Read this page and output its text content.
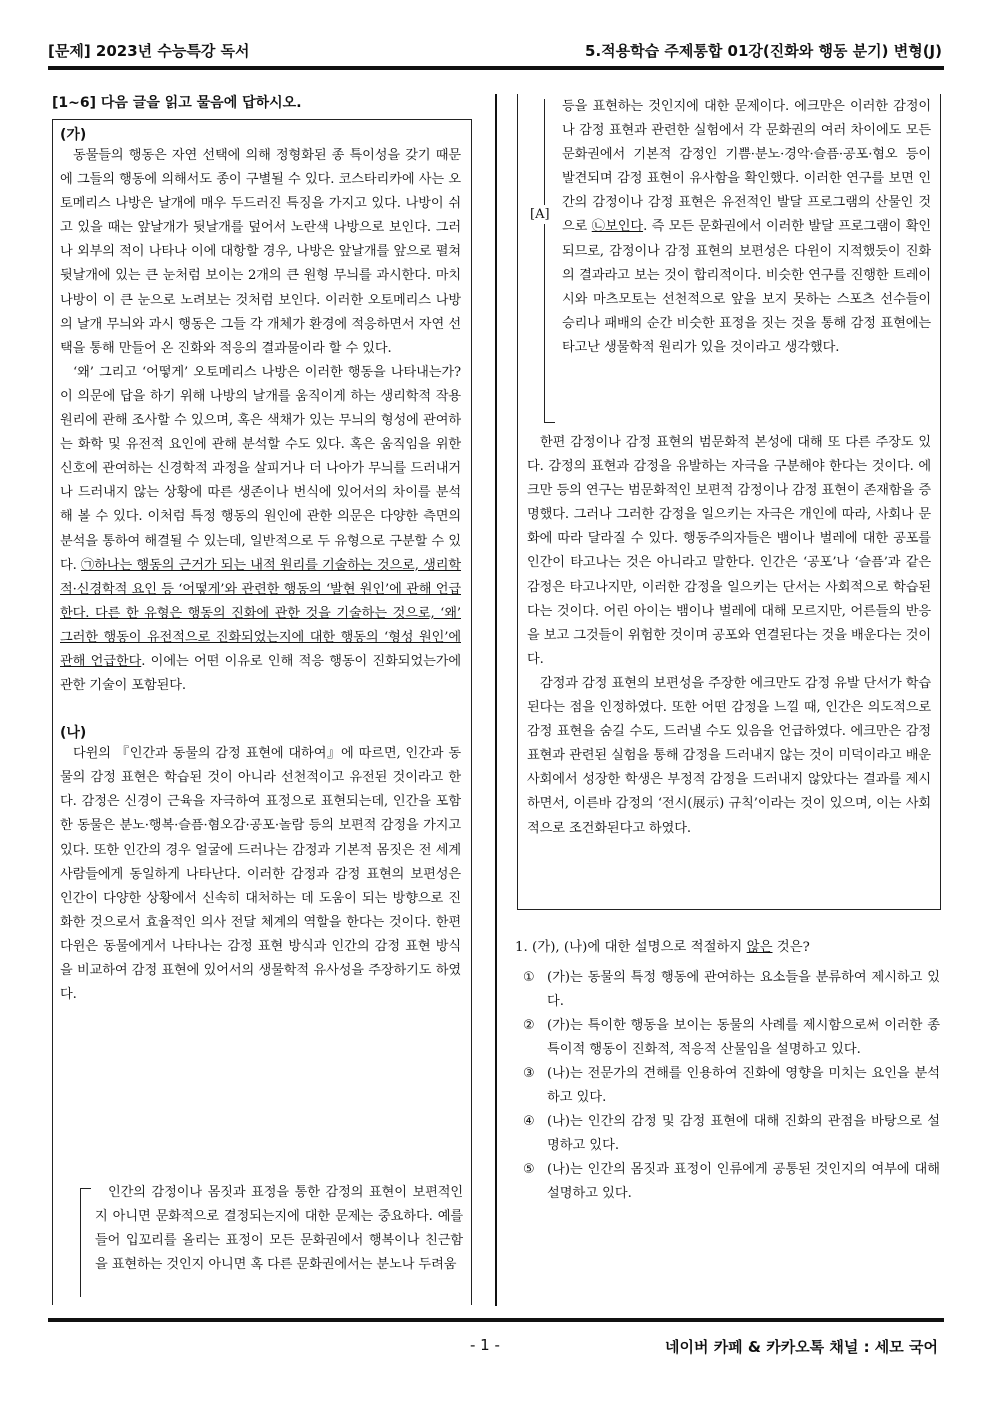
[문제] 2023년 수능특강 독서	5.적용학습 주제통합 01강(진화와 행동 분기) 변형(J)
[1~6] 다음 글을 읽고 물음에 답하시오.
(가)

동물들의 행동은 자연 선택에 의해 정형화된 종 특이성을 갖기 때문에 그들의 행동에 의해서도 종이 구별될 수 있다. 코스타리카에 사는 오토메리스 나방은 날개에 매우 두드러진 특징을 가지고 있다. 나방이 쉬고 있을 때는 앞날개가 뒷날개를 덮어서 노란색 나방으로 보인다. 그러나 외부의 적이 나타나 이에 대항할 경우, 나방은 앞날개를 앞으로 펼쳐 뒷날개에 있는 큰 눈처럼 보이는 2개의 큰 원형 무늬를 과시한다. 마치 나방이 이 큰 눈으로 노려보는 것처럼 보인다. 이러한 오토메리스 나방의 날개 무늬와 과시 행동은 그들 각 개체가 환경에 적응하면서 자연 선택을 통해 만들어 온 진화와 적응의 결과물이라 할 수 있다.

‘왜’ 그리고 ‘어떻게’ 오토메리스 나방은 이러한 행동을 나타내는가? 이 의문에 답을 하기 위해 나방의 날개를 움직이게 하는 생리학적 작용 원리에 관해 조사할 수 있으며, 혹은 색채가 있는 무늬의 형성에 관여하는 화학 및 유전적 요인에 관해 분석할 수도 있다. 혹은 움직임을 위한 신호에 관여하는 신경학적 과정을 살피거나 더 나아가 무늬를 드러내거나 드러내지 않는 상황에 따른 생존이나 번식에 있어서의 차이를 분석해 볼 수 있다. 이처럼 특정 행동의 원인에 관한 의문은 다양한 측면의 분석을 통하여 해결될 수 있는데, 일반적으로 두 유형으로 구분할 수 있다. ㉠하나는 행동의 근거가 되는 내적 원리를 기술하는 것으로, 생리학적·신경학적 요인 등 ‘어떻게’와 관련한 행동의 ‘발현 원인’에 관해 언급한다. 다른 한 유형은 행동의 진화에 관한 것을 기술하는 것으로, ‘왜’ 그러한 행동이 유전적으로 진화되었는지에 대한 행동의 ‘형성 원인’에 관해 언급한다. 이에는 어떤 이유로 인해 적응 행동이 진화되었는가에 관한 기술이 포함된다.

(나)

다윈의 『인간과 동물의 감정 표현에 대하여』에 따르면, 인간과 동물의 감정 표현은 학습된 것이 아니라 선천적이고 유전된 것이라고 한다. 감정은 신경이 근육을 자극하여 표정으로 표현되는데, 인간을 포함한 동물은 분노·행복·슬픔·혐오감·공포·놀람 등의 보편적 감정을 가지고 있다. 또한 인간의 경우 얼굴에 드러나는 감정과 기본적 몸짓은 전 세계 사람들에게 동일하게 나타난다. 이러한 감정과 감정 표현의 보편성은 인간이 다양한 상황에서 신속히 대처하는 데 도움이 되는 방향으로 진화한 것으로서 효율적인 의사 전달 체계의 역할을 한다는 것이다. 한편 다윈은 동물에게서 나타나는 감정 표현 방식과 인간의 감정 표현 방식을 비교하여 감정 표현에 있어서의 생물학적 유사성을 주장하기도 하였다.

인간의 감정이나 몸짓과 표정을 통한 감정의 표현이 보편적인지 아니면 문화적으로 결정되는지에 대한 문제는 중요하다. 예를 들어 입꼬리를 올리는 표정이 모든 문화권에서 행복이나 친근함을 표현하는 것인지 아니면 혹 다른 문화권에서는 분노나 두려움

[A]

등을 표현하는 것인지에 대한 문제이다. 에크만은 이러한 감정이나 감정 표현과 관련한 실험에서 각 문화권의 여러 차이에도 모든 문화권에서 기본적 감정인 기쁨·분노·경악·슬픔·공포·혐오 등이 발견되며 감정 표현이 유사함을 확인했다. 이러한 연구를 보면 인간의 감정이나 감정 표현은 유전적인 발달 프로그램의 산물인 것으로 ㉡보인다. 즉 모든 문화권에서 이러한 발달 프로그램이 확인되므로, 감정이나 감정 표현의 보편성은 다윈이 지적했듯이 진화의 결과라고 보는 것이 합리적이다. 비슷한 연구를 진행한 트레이시와 마츠모토는 선천적으로 앞을 보지 못하는 스포츠 선수들이 승리나 패배의 순간 비슷한 표정을 짓는 것을 통해 감정 표현에는 타고난 생물학적 원리가 있을 것이라고 생각했다.

한편 감정이나 감정 표현의 범문화적 본성에 대해 또 다른 주장도 있다. 감정의 표현과 감정을 유발하는 자극을 구분해야 한다는 것이다. 에크만 등의 연구는 범문화적인 보편적 감정이나 감정 표현이 존재함을 증명했다. 그러나 그러한 감정을 일으키는 자극은 개인에 따라, 사회나 문화에 따라 달라질 수 있다. 행동주의자들은 뱀이나 벌레에 대한 공포를 인간이 타고나는 것은 아니라고 말한다. 인간은 ‘공포’나 ‘슬픔’과 같은 감정은 타고나지만, 이러한 감정을 일으키는 단서는 사회적으로 학습된다는 것이다. 어린 아이는 뱀이나 벌레에 대해 모르지만, 어른들의 반응을 보고 그것들이 위험한 것이며 공포와 연결된다는 것을 배운다는 것이다.

감정과 감정 표현의 보편성을 주장한 에크만도 감정 유발 단서가 학습된다는 점을 인정하였다. 또한 어떤 감정을 느낄 때, 인간은 의도적으로 감정 표현을 숨길 수도, 드러낼 수도 있음을 언급하였다. 에크만은 감정 표현과 관련된 실험을 통해 감정을 드러내지 않는 것이 미덕이라고 배운 사회에서 성장한 학생은 부정적 감정을 드러내지 않았다는 결과를 제시하면서, 이른바 감정의 ‘전시(展示) 규칙’이라는 것이 있으며, 이는 사회적으로 조건화된다고 하였다.

1. (가), (나)에 대한 설명으로 적절하지 않은 것은?

① (가)는 동물의 특정 행동에 관여하는 요소들을 분류하여 제시하고 있다.
② (가)는 특이한 행동을 보이는 동물의 사례를 제시함으로써 이러한 종 특이적 행동이 진화적, 적응적 산물임을 설명하고 있다.
③ (나)는 전문가의 견해를 인용하여 진화에 영향을 미치는 요인을 분석하고 있다.
④ (나)는 인간의 감정 및 감정 표현에 대해 진화의 관점을 바탕으로 설명하고 있다.
⑤ (나)는 인간의 몸짓과 표정이 인류에게 공통된 것인지의 여부에 대해 설명하고 있다.
- 1 -	네이버 카페 & 카카오톡 채널 : 세모 국어
